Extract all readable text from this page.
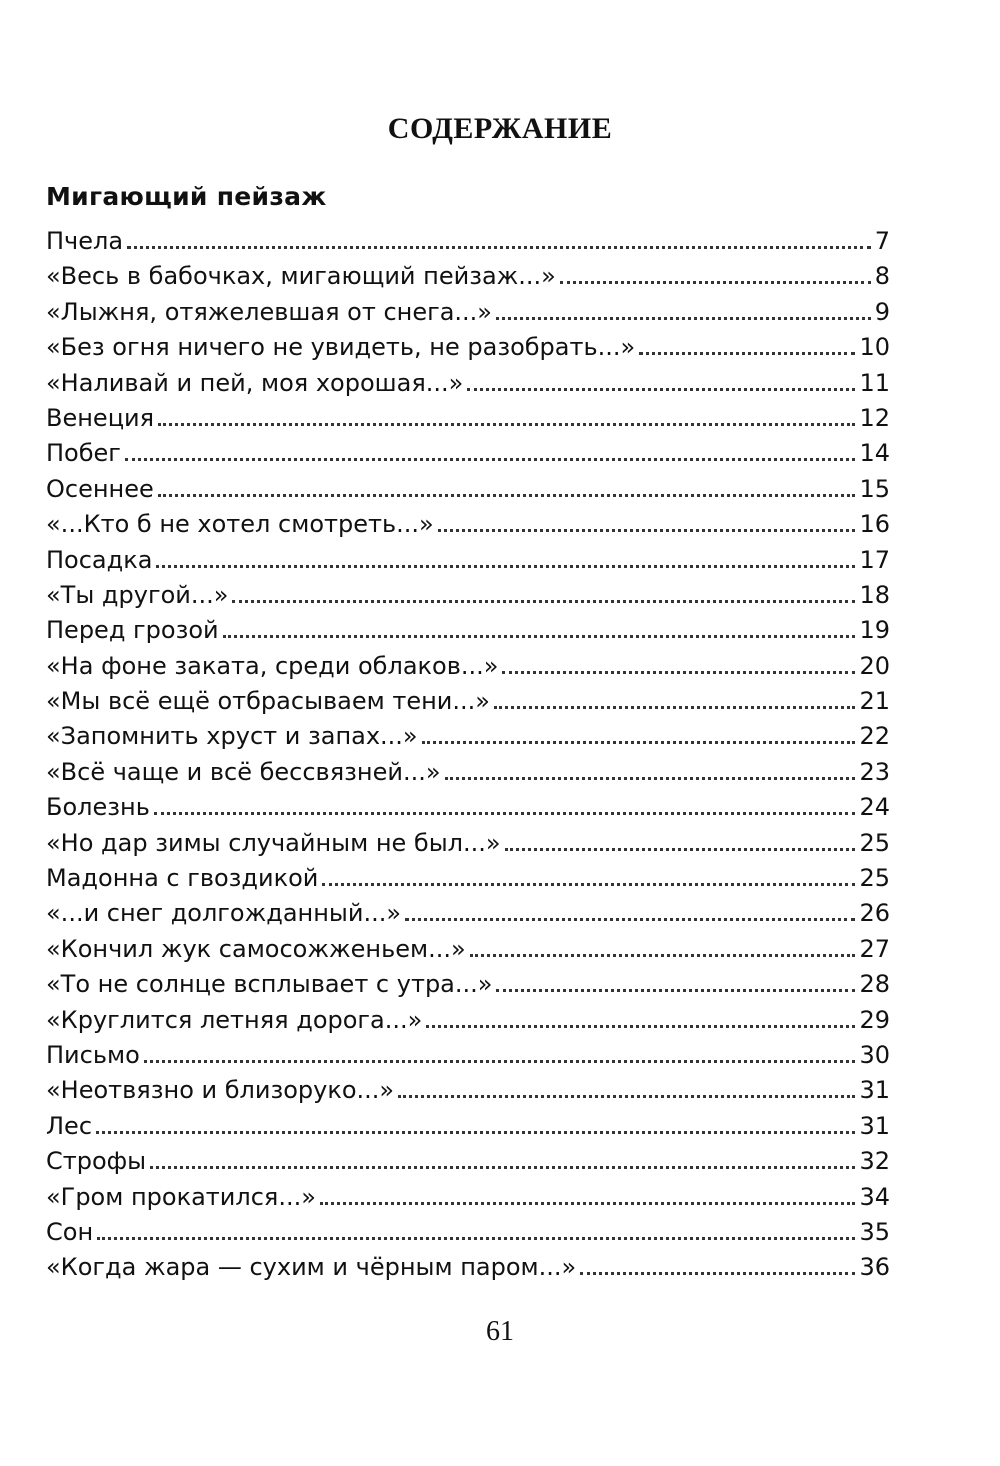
СОДЕРЖАНИЕ
Мигающий пейзаж
Пчела	7
«Весь в бабочках, мигающий пейзаж...»	8
«Лыжня, отяжелевшая от снега...»	9
«Без огня ничего не увидеть, не разобрать...»	10
«Наливай и пей, моя хорошая...»	11
Венеция	12
Побег	14
Осеннее	15
«...Кто б не хотел смотреть...»	16
Посадка	17
«Ты другой...»	18
Перед грозой	19
«На фоне заката, среди облаков...»	20
«Мы всё ещё отбрасываем тени...»	21
«Запомнить хруст и запах...»	22
«Всё чаще и всё бессвязней...»	23
Болезнь	24
«Но дар зимы случайным не был...»	25
Мадонна с гвоздикой	25
«...и снег долгожданный...»	26
«Кончил жук самосожженьем...»	27
«То не солнце всплывает с утра...»	28
«Круглится летняя дорога...»	29
Письмо	30
«Неотвязно и близоруко...»	31
Лес	31
Строфы	32
«Гром прокатился...»	34
Сон	35
«Когда жара — сухим и чёрным паром...»	36
61
